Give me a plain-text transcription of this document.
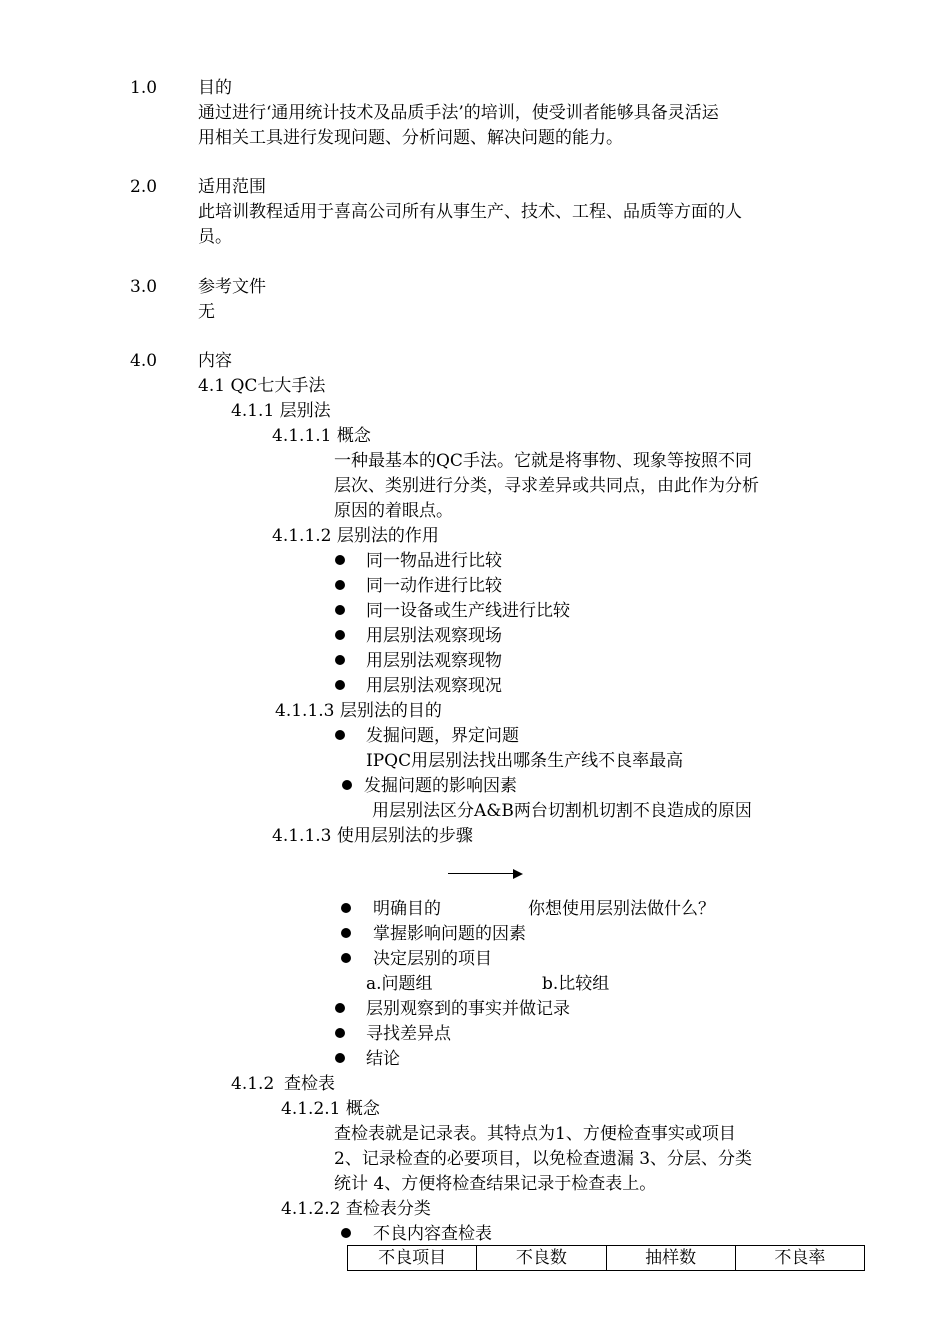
1.0 目的
通过进行‘通用统计技术及品质手法’的培训，使受训者能够具备灵活运
用相关工具进行发现问题、分析问题、解决问题的能力。
2.0 适用范围
此培训教程适用于喜高公司所有从事生产、技术、工程、品质等方面的人
员。
3.0 参考文件
无
4.0 内容
4.1 QC七大手法
4.1.1 层别法
4.1.1.1 概念
一种最基本的QC手法。它就是将事物、现象等按照不同
层次、类别进行分类，寻求差异或共同点，由此作为分析
原因的着眼点。
4.1.1.2 层别法的作用
同一物品进行比较
同一动作进行比较
同一设备或生产线进行比较
用层别法观察现场
用层别法观察现物
用层别法观察现况
4.1.1.3 层别法的目的
发掘问题，界定问题
IPQC用层别法找出哪条生产线不良率最高
发掘问题的影响因素
用层别法区分A&B两台切割机切割不良造成的原因
4.1.1.3 使用层别法的步骤
明确目的	你想使用层别法做什么？
掌握影响问题的因素
决定层别的项目
a.问题组	b.比较组
层别观察到的事实并做记录
寻找差异点
结论
4.1.2 查检表
4.1.2.1 概念
查检表就是记录表。其特点为1、方便检查事实或项目
2、记录检查的必要项目，以免检查遗漏 3、分层、分类
统计 4、方便将检查结果记录于检查表上。
4.1.2.2 查检表分类
不良内容查检表
不良项目	不良数	抽样数	不良率
